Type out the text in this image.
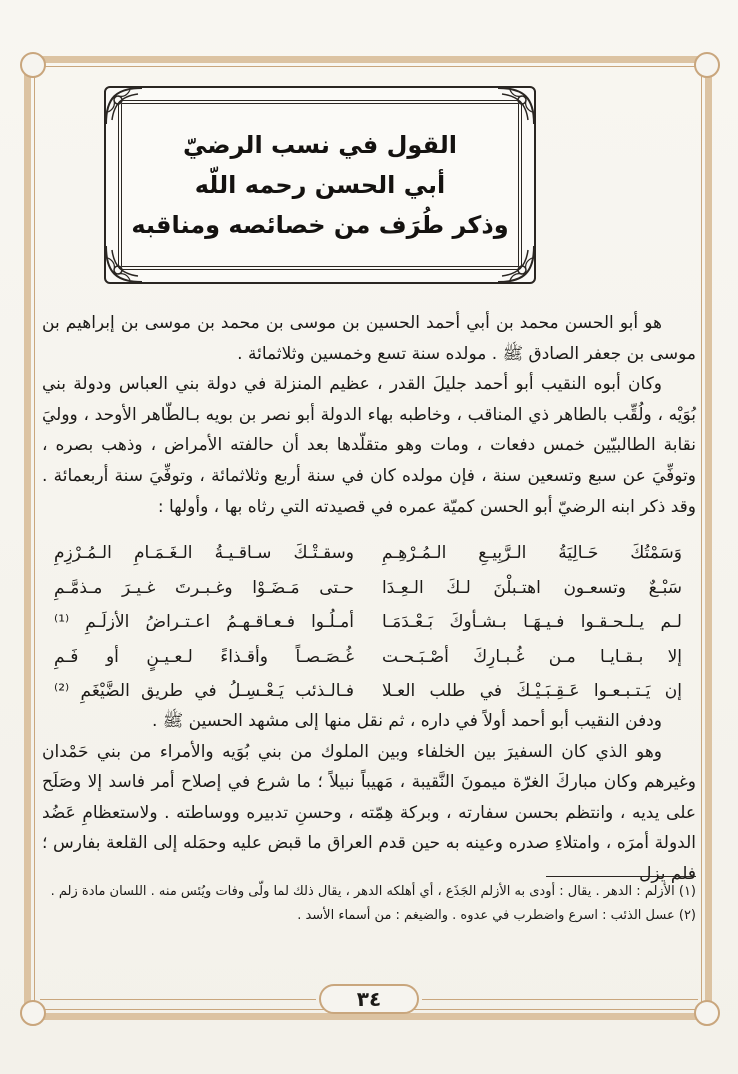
القول في نسب الرضيّ
أبي الحسن رحمه اللّه
وذكر طُرَف من خصائصه ومناقبه

هو أبو الحسن محمد بن أبي أحمد الحسين بن موسى بن محمد بن موسى بن إبراهيم بن موسى بن جعفر الصادق ﷺ . مولده سنة تسع وخمسين وثلاثمائة .

وكان أبوه النقيب أبو أحمد جليلَ القدر ، عظيم المنزلة في دولة بني العباس ودولة بني بُوَيْه ، ولُقِّب بالطاهر ذي المناقب ، وخاطبه بهاء الدولة أبو نصر بن بويه بـالطّاهر الأوحد ، ووليَ نقابة الطالبيّين خمس دفعات ، ومات وهو متقلّدها بعد أن حالفته الأمراض ، وذهب بصره ، وتوفِّيَ عن سبع وتسعين سنة ، فإن مولده كان في سنة أربع وثلاثمائة ، وتوفِّيَ سنة أربعمائة . وقد ذكر ابنه الرضيّ أبو الحسن كميّة عمره في قصيدته التي رثاه بها ، وأولها :

وَسَمْتُكَ حَـالِيَةُ الـرَّبِيـعِ الـمُـرْهِـمِ
وسقـتْـكَ سـاقـيـةُ الـغَـمَـامِ الـمُـرْزِمِ
سَبْـعٌ وتسعـون اهتـبلْنَ لـكَ الـعِـدَا
حـتى مَـضَـوْا وغـبـرتَ غـيـرَ مـذمَّـمِ
لـم يـلـحـقـوا فـيـهَـا بـشـأوكَ بَـعْـدَمَـا
أمـلُـوا فـعـاقـهـمُ اعـتـراضُ الأزلَـمِ ⁽¹⁾
إلا بـقـايـا مـن غُـبـارِكَ أصْـبَـحـت
غُـصَـصـاً وأقـذاءً لـعـيـنٍ أو فَـمِ
إن يَـتـبـعـوا عَـقِـبَـيْـكَ في طلب العـلا
فـالـذئب يَـعْـسِـلُ في طريق الضَّيْغَمِ ⁽²⁾

ودفن النقيب أبو أحمد أولاً في داره ، ثم نقل منها إلى مشهد الحسين ﷺ .

وهو الذي كان السفيرَ بين الخلفاء وبين الملوك من بني بُوَيه والأمراء من بني حَمْدان وغيرهم وكان مباركَ الغرّة ميمونَ النَّقيبة ، مَهيباً نبيلاً ؛ ما شرع في إصلاح أمر فاسد إلا وصَلَح على يديه ، وانتظم بحسن سفارته ، وبركة هِمّته ، وحسنِ تدبيره ووساطته . ولاستعظامِ عَضُد الدولة أمرَه ، وامتلاءِ صدره وعينه به حين قدم العراق ما قبض عليه وحمَله إلى القلعة بفارس ؛ فلم يزل

(١) الأزلم : الدهر . يقال : أودى به الأزلم الجَذَع ، أي أهلكه الدهر ، يقال ذلك لما ولّى وفات ويُئس منه . اللسان مادة زلم .

(٢) عسل الذئب : اسرع واضطرب في عدوه . والضيغم : من أسماء الأسد .

٣٤
